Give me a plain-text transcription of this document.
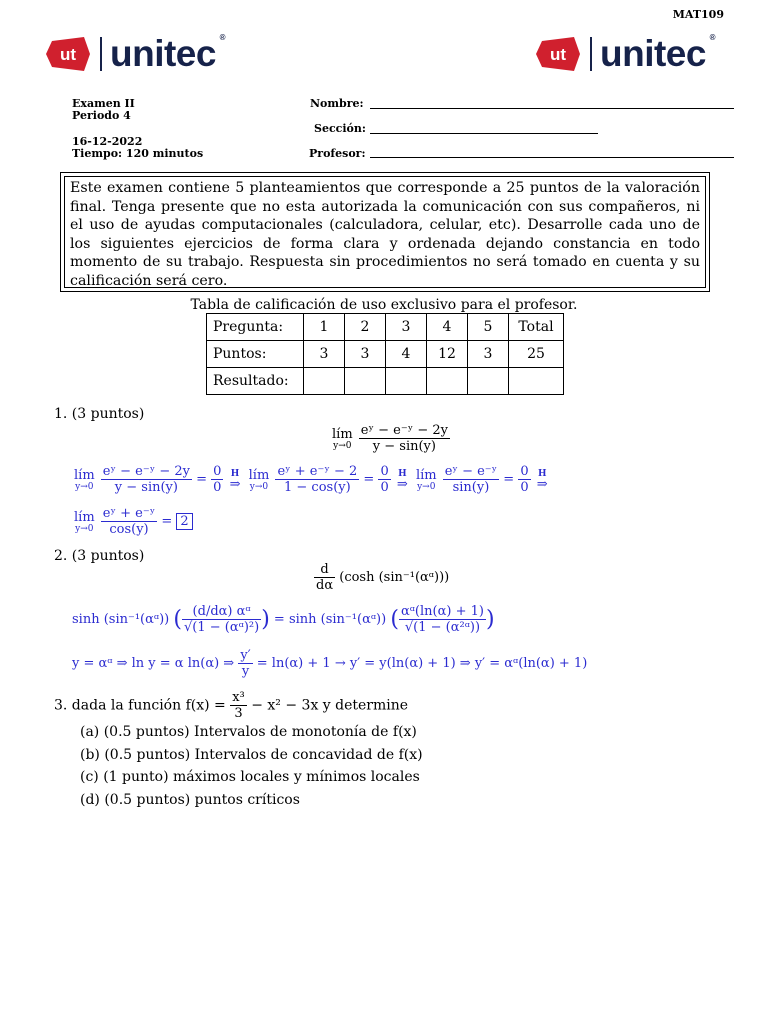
MAT109
ut unitec ®
ut unitec ®
Examen II
Periodo 4
16-12-2022
Tiempo: 120 minutos
Nombre:
Sección:
Profesor:
Este examen contiene 5 planteamientos que corresponde a 25 puntos de la valoración final. Tenga presente que no esta autorizada la comunicación con sus compañeros, ni el uso de ayudas computacionales (calculadora, celular, etc). Desarrolle cada uno de los siguientes ejercicios de forma clara y ordenada dejando constancia en todo momento de su trabajo. Respuesta sin procedimientos no será tomado en cuenta y su calificación será cero.
Tabla de calificación de uso exclusivo para el profesor.
Pregunta:	1	2	3	4	5	Total
Puntos:	3	3	4	12	3	25
Resultado:						
1. (3 puntos)
lím
y→0
$\frac{\text{eʸ − e⁻ʸ − 2y}}{y - \sin(y)}$
lím
y→0
$\frac{\text{eʸ − e⁻ʸ − 2y}}{y - \sin(y)} = \frac{0}{0}$
H
⇒

lím
y→0
$\frac{\text{eʸ + e⁻ʸ − 2}}{1 - \cos(y)} = \frac{0}{0}$
H
⇒

lím
y→0
$\frac{\text{eʸ − e⁻ʸ}}{\sin(y)} = \frac{0}{0}$
H
⇒
lím
y→0
$\frac{\text{eʸ + e⁻ʸ}}{\cos(y)} = 2$
2. (3 puntos)
$\frac{d}{d\alpha} (\cosh$ (sin⁻¹(αᵅ)))
sinh (sin⁻¹(αᵅ)) ( $\frac{\text{(d/dα) αᵅ}}{\text{√(1 − (αᵅ)²)}}$ ) = sinh (sin⁻¹(αᵅ)) ( $\frac{\text{αᵅ(ln(α) + 1)}}{\text{√(1 − (α²ᵅ))}}$ )
y = αᵅ ⇒ ln y = α ln(α) ⇒ $\frac{y'}{y} = \ln(\alpha) + 1 \to y' = y(\ln(\alpha) + 1)$ ⇒ y′ = αᵅ(ln(α) + 1)
3. dada la función $f(x) = \frac{\text{x³}}{3} - x^2 - 3x$ y determine
(a) (0.5 puntos) Intervalos de monotonía de f(x)
(b) (0.5 puntos) Intervalos de concavidad de f(x)
(c) (1 punto) máximos locales y mínimos locales
(d) (0.5 puntos) puntos críticos
